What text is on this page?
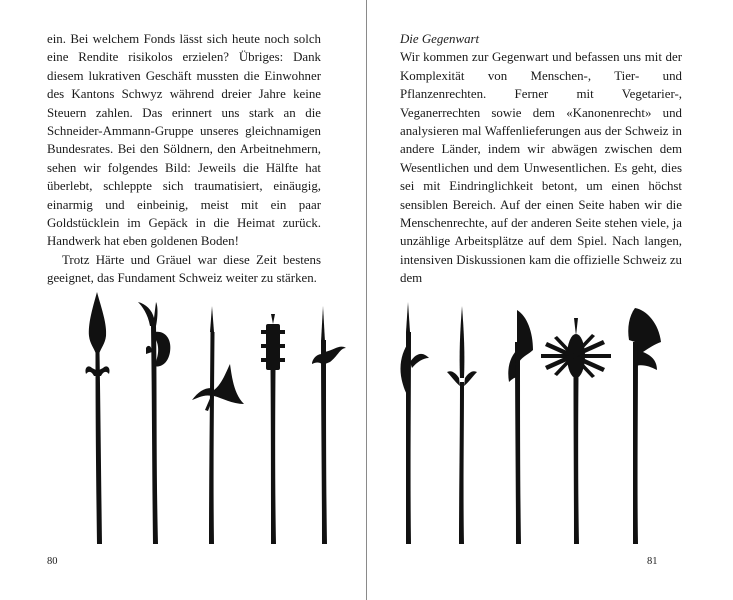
ein. Bei welchem Fonds lässt sich heute noch solch eine Rendite risikolos erzielen? Übriges: Dank diesem lukrativen Geschäft mussten die Einwohner des Kantons Schwyz während dreier Jahre keine Steuern zahlen. Das erinnert uns stark an die Schneider-Ammann-Gruppe unseres gleichnamigen Bundesrates. Bei den Söldnern, den Arbeitnehmern, sehen wir folgendes Bild: Jeweils die Hälfte hat überlebt, schleppte sich traumatisiert, einäugig, einarmig und einbeinig, meist mit ein paar Goldstücklein im Gepäck in die Heimat zurück. Handwerk hat eben goldenen Boden!

Trotz Härte und Gräuel war diese Zeit bestens geeignet, das Fundament Schweiz weiter zu stärken.

80

Die Gegenwart

Wir kommen zur Gegenwart und befassen uns mit der Komplexität von Menschen-, Tier- und Pflanzenrechten. Ferner mit Vegetarier-, Veganerrechten sowie dem «Kanonenrecht» und analysieren mal Waffenlieferungen aus der Schweiz in andere Länder, indem wir abwägen zwischen dem Wesentlichen und dem Unwesentlichen. Es geht, dies sei mit Eindringlichkeit betont, um einen höchst sensiblen Bereich. Auf der einen Seite haben wir die Menschenrechte, auf der anderen Seite stehen viele, ja unzählige Arbeitsplätze auf dem Spiel. Nach langen, intensiven Diskussionen kam die offizielle Schweiz zu dem

81
